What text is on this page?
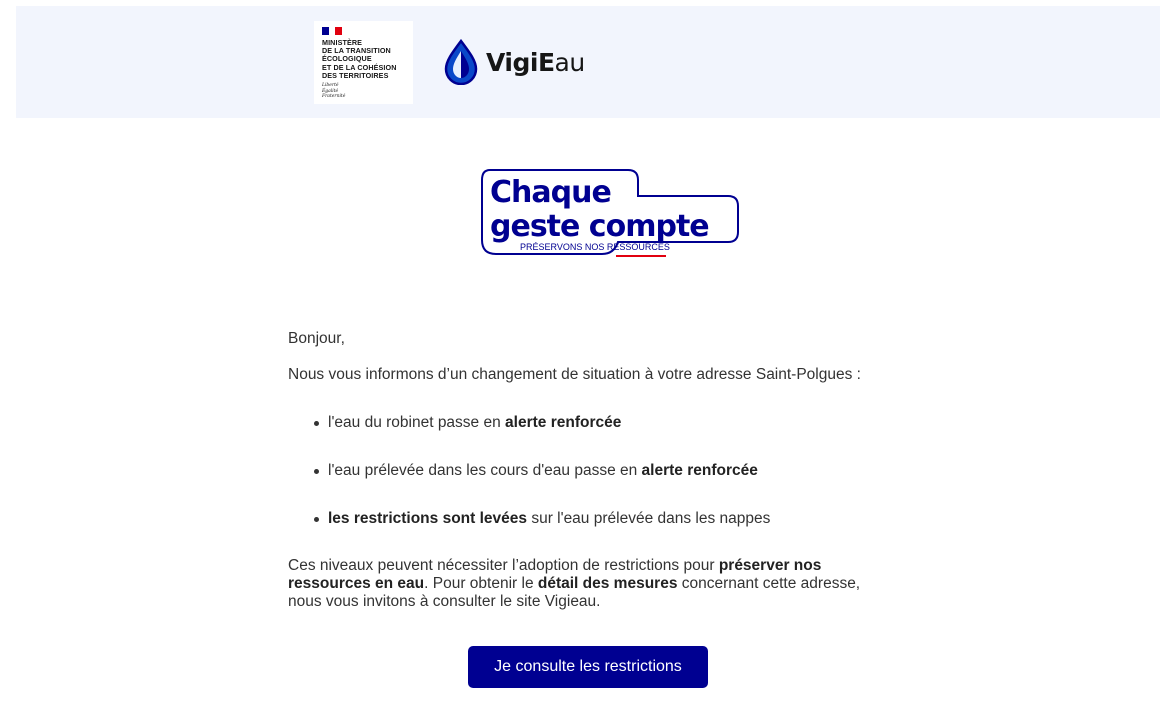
MINISTÈRE
DE LA TRANSITION
ÉCOLOGIQUE
ET DE LA COHÉSION
DES TERRITOIRES
Liberté
Égalité
Fraternité
VigiEau
Chaque
geste compte
PRÉSERVONS NOS RESSOURCES

Bonjour,

Nous vous informons d’un changement de situation à votre adresse Saint-Polgues :

l'eau du robinet passe en alerte renforcée
l'eau prélevée dans les cours d'eau passe en alerte renforcée
les restrictions sont levées sur l'eau prélevée dans les nappes

Ces niveaux peuvent nécessiter l’adoption de restrictions pour préserver nos ressources en eau. Pour obtenir le détail des mesures concernant cette adresse, nous vous invitons à consulter le site Vigieau.

Je consulte les restrictions
